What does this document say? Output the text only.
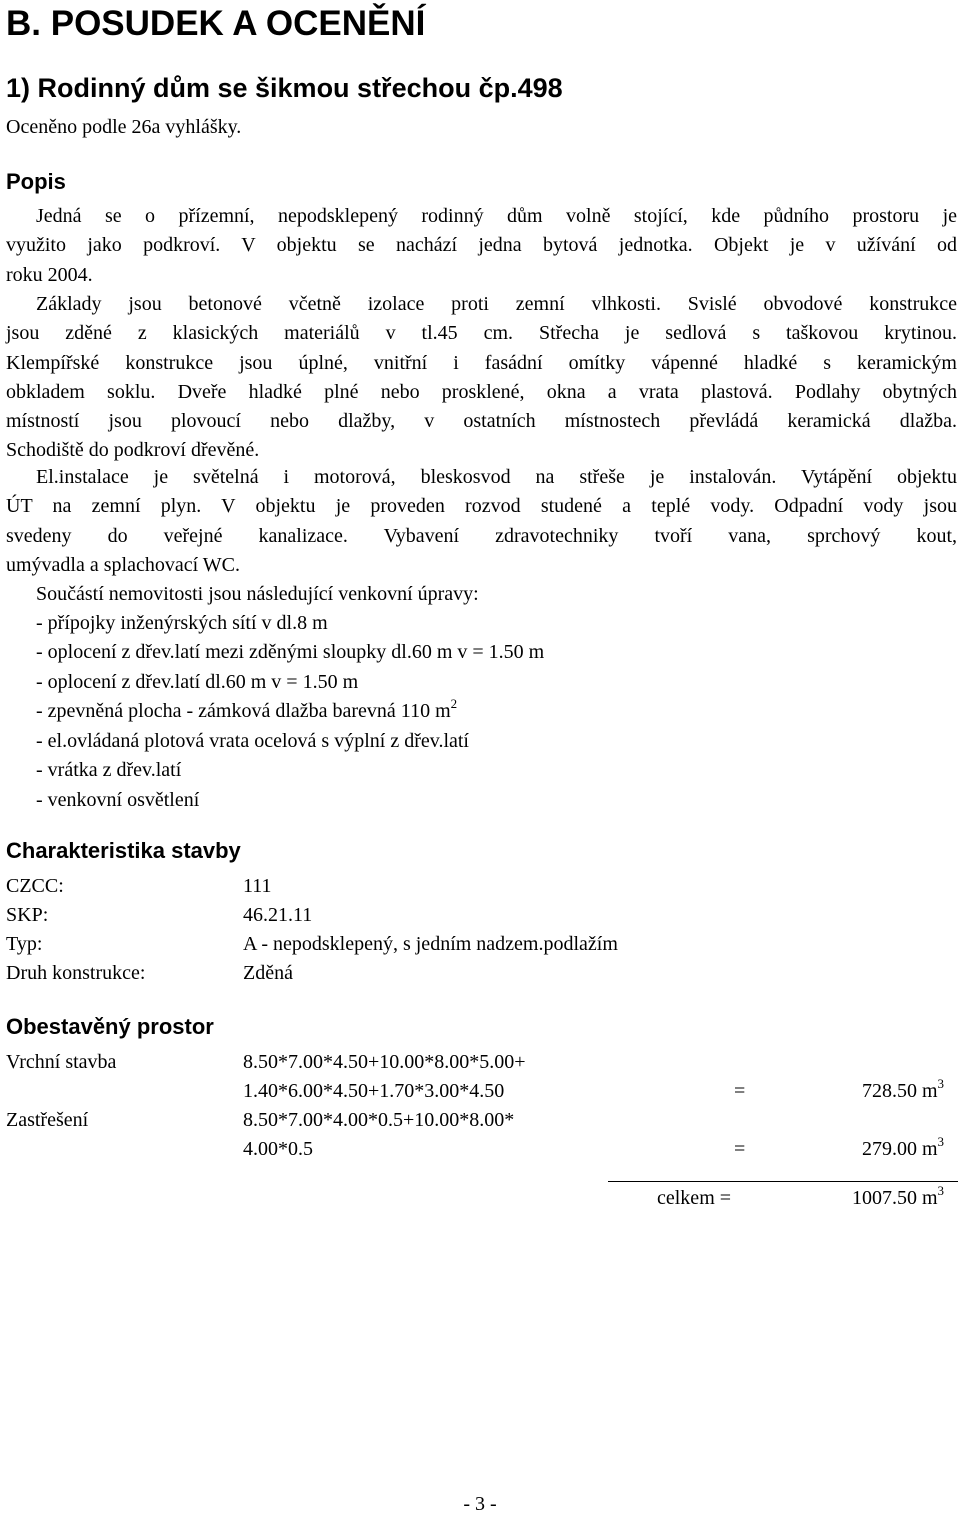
B. POSUDEK A OCENĚNÍ
1) Rodinný dům se šikmou střechou čp.498
Oceněno podle 26a vyhlášky.
Popis
Jedná se o přízemní, nepodsklepený rodinný dům volně stojící, kde půdního prostoru je
využito jako podkroví. V objektu se nachází jedna bytová jednotka. Objekt je v užívání od
roku 2004.
Základy jsou betonové včetně izolace proti zemní vlhkosti. Svislé obvodové konstrukce
jsou zděné z klasických materiálů v tl.45 cm. Střecha je sedlová s taškovou krytinou.
Klempířské konstrukce jsou úplné, vnitřní i fasádní omítky vápenné hladké s keramickým
obkladem soklu. Dveře hladké plné nebo prosklené, okna a vrata plastová. Podlahy obytných
místností jsou plovoucí nebo dlažby, v ostatních místnostech převládá keramická dlažba.
Schodiště do podkroví dřevěné.
El.instalace je světelná i motorová, bleskosvod na střeše je instalován. Vytápění objektu
ÚT na zemní plyn. V objektu je proveden rozvod studené a teplé vody. Odpadní vody jsou
svedeny do veřejné kanalizace. Vybavení zdravotechniky tvoří vana, sprchový kout,
umývadla a splachovací WC.
Součástí nemovitosti jsou následující venkovní úpravy:
- přípojky inženýrských sítí v dl.8 m
- oplocení z dřev.latí mezi zděnými sloupky dl.60 m v = 1.50 m
- oplocení z dřev.latí dl.60 m v = 1.50 m
- zpevněná plocha - zámková dlažba barevná 110 $m^2$
- el.ovládaná plotová vrata ocelová s výplní z dřev.latí
- vrátka z dřev.latí
- venkovní osvětlení
Charakteristika stavby
CZCC:	111
SKP:	46.21.11
Typ:	A - nepodsklepený, s jedním nadzem.podlažím
Druh konstrukce:	Zděná
Obestavěný prostor
Vrchní stavba	8.50*7.00*4.50+10.00*8.00*5.00+
1.40*6.00*4.50+1.70*3.00*4.50	=	728.50 $m^3$
Zastřešení	8.50*7.00*4.00*0.5+10.00*8.00*
4.00*0.5	=	279.00 $m^3$
celkem =	1007.50 $m^3$
- 3 -
